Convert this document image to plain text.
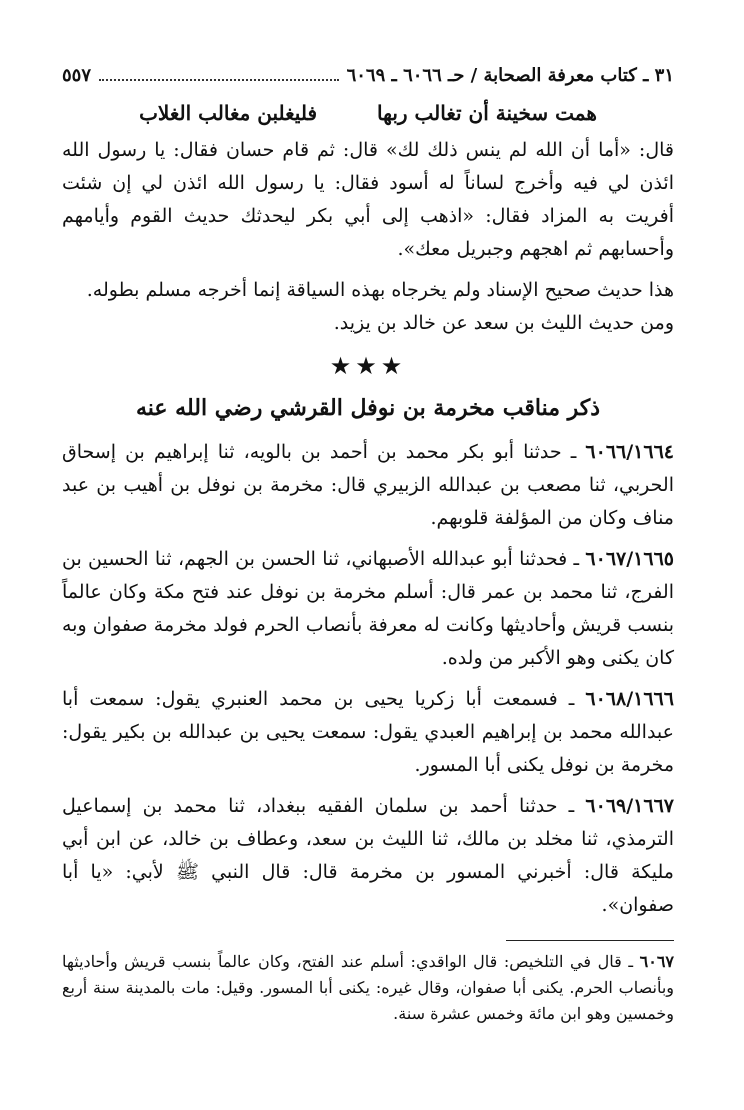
٣١ ـ كتاب معرفة الصحابة / حـ ٦٠٦٦ ـ ٦٠٦٩
٥٥٧
همت سخينة أن تغالب ربها
فليغلبن مغالب الغلاب

قال: «أما أن الله لم ينس ذلك لك» قال: ثم قام حسان فقال: يا رسول الله ائذن لي فيه وأخرج لساناً له أسود فقال: يا رسول الله ائذن لي إن شئت أفريت به المزاد فقال: «اذهب إلى أبي بكر ليحدثك حديث القوم وأيامهم وأحسابهم ثم اهجهم وجبريل معك».

هذا حديث صحيح الإسناد ولم يخرجاه بهذه السياقة إنما أخرجه مسلم بطوله.
ومن حديث الليث بن سعد عن خالد بن يزيد.

★★★
ذكر مناقب مخرمة بن نوفل القرشي رضي الله عنه

٦٠٦٦/١٦٦٤ ـ حدثنا أبو بكر محمد بن أحمد بن بالويه، ثنا إبراهيم بن إسحاق الحربي، ثنا مصعب بن عبدالله الزبيري قال: مخرمة بن نوفل بن أهيب بن عبد مناف وكان من المؤلفة قلوبهم.

٦٠٦٧/١٦٦٥ ـ فحدثنا أبو عبدالله الأصبهاني، ثنا الحسن بن الجهم، ثنا الحسين بن الفرج، ثنا محمد بن عمر قال: أسلم مخرمة بن نوفل عند فتح مكة وكان عالماً بنسب قريش وأحاديثها وكانت له معرفة بأنصاب الحرم فولد مخرمة صفوان وبه كان يكنى وهو الأكبر من ولده.

٦٠٦٨/١٦٦٦ ـ فسمعت أبا زكريا يحيى بن محمد العنبري يقول: سمعت أبا عبدالله محمد بن إبراهيم العبدي يقول: سمعت يحيى بن عبدالله بن بكير يقول: مخرمة بن نوفل يكنى أبا المسور.

٦٠٦٩/١٦٦٧ ـ حدثنا أحمد بن سلمان الفقيه ببغداد، ثنا محمد بن إسماعيل الترمذي، ثنا مخلد بن مالك، ثنا الليث بن سعد، وعطاف بن خالد، عن ابن أبي مليكة قال: أخبرني المسور بن مخرمة قال: قال النبي ﷺ لأبي: «يا أبا صفوان».

٦٠٦٧ ـ قال في التلخيص: قال الواقدي: أسلم عند الفتح، وكان عالماً بنسب قريش وأحاديثها وبأنصاب الحرم. يكنى أبا صفوان، وقال غيره: يكنى أبا المسور. وقيل: مات بالمدينة سنة أربع وخمسين وهو ابن مائة وخمس عشرة سنة.
